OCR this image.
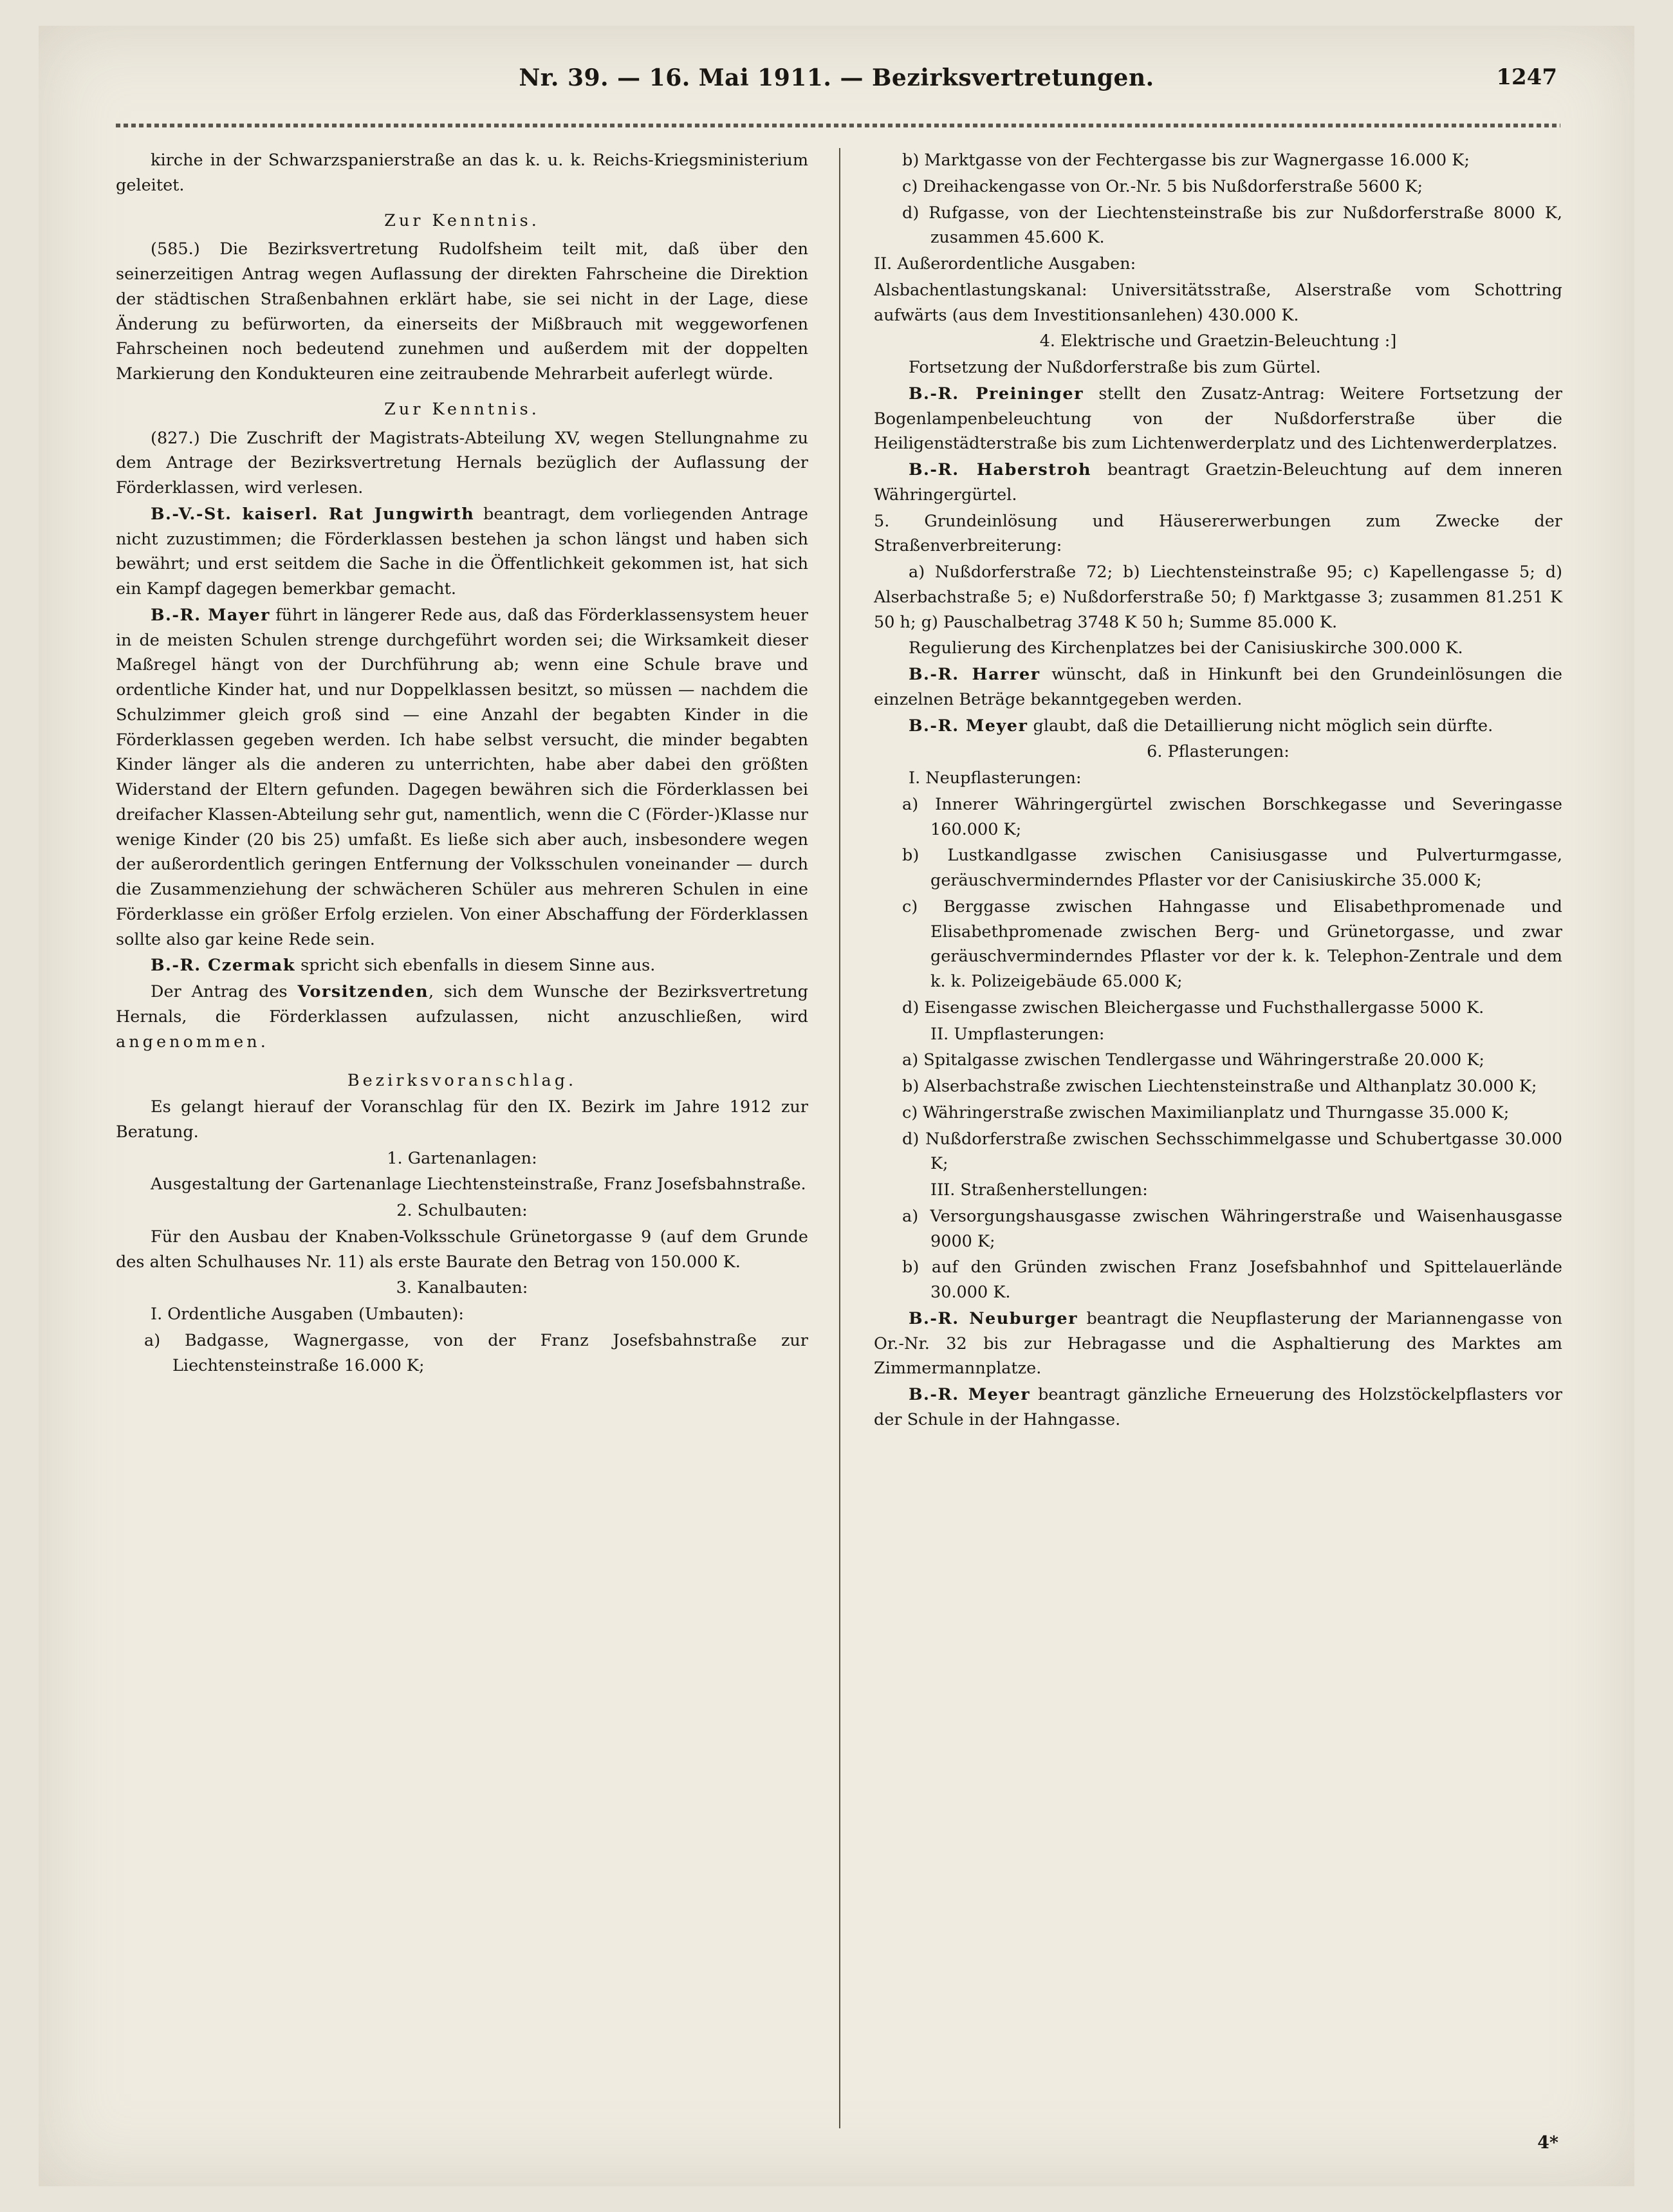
Nr. 39. — 16. Mai 1911. — Bezirksvertretungen.	1247

kirche in der Schwarzspanierstraße an das k. u. k. Reichs-Kriegsministerium geleitet.

Zur Kenntnis.

(585.) Die Bezirksvertretung Rudolfsheim teilt mit, daß über den seinerzeitigen Antrag wegen Auflassung der direkten Fahrscheine die Direktion der städtischen Straßenbahnen erklärt habe, sie sei nicht in der Lage, diese Änderung zu befürworten, da einerseits der Mißbrauch mit weggeworfenen Fahrscheinen noch bedeutend zunehmen und außerdem mit der doppelten Markierung den Kondukteuren eine zeitraubende Mehrarbeit auferlegt würde.

Zur Kenntnis.

(827.) Die Zuschrift der Magistrats-Abteilung XV, wegen Stellungnahme zu dem Antrage der Bezirksvertretung Hernals bezüglich der Auflassung der Förderklassen, wird verlesen.

B.-V.-St. kaiserl. Rat Jungwirth beantragt, dem vorliegenden Antrage nicht zuzustimmen; die Förderklassen bestehen ja schon längst und haben sich bewährt; und erst seitdem die Sache in die Öffentlichkeit gekommen ist, hat sich ein Kampf dagegen bemerkbar gemacht.

B.-R. Mayer führt in längerer Rede aus, daß das Förderklassensystem heuer in de meisten Schulen strenge durchgeführt worden sei; die Wirksamkeit dieser Maßregel hängt von der Durchführung ab; wenn eine Schule brave und ordentliche Kinder hat, und nur Doppelklassen besitzt, so müssen — nachdem die Schulzimmer gleich groß sind — eine Anzahl der begabten Kinder in die Förderklassen gegeben werden. Ich habe selbst versucht, die minder begabten Kinder länger als die anderen zu unterrichten, habe aber dabei den größten Widerstand der Eltern gefunden. Dagegen bewähren sich die Förderklassen bei dreifacher Klassen-Abteilung sehr gut, namentlich, wenn die C (Förder-)Klasse nur wenige Kinder (20 bis 25) umfaßt. Es ließe sich aber auch, insbesondere wegen der außerordentlich geringen Entfernung der Volksschulen voneinander — durch die Zusammenziehung der schwächeren Schüler aus mehreren Schulen in eine Förderklasse ein größer Erfolg erzielen. Von einer Abschaffung der Förderklassen sollte also gar keine Rede sein.

B.-R. Czermak spricht sich ebenfalls in diesem Sinne aus.

Der Antrag des Vorsitzenden, sich dem Wunsche der Bezirksvertretung Hernals, die Förderklassen aufzulassen, nicht anzuschließen, wird angenommen.

Bezirksvoranschlag.

Es gelangt hierauf der Voranschlag für den IX. Bezirk im Jahre 1912 zur Beratung.

1. Gartenanlagen:

Ausgestaltung der Gartenanlage Liechtensteinstraße, Franz Josefsbahnstraße.

2. Schulbauten:

Für den Ausbau der Knaben-Volksschule Grünetorgasse 9 (auf dem Grunde des alten Schulhauses Nr. 11) als erste Baurate den Betrag von 150.000 K.

3. Kanalbauten:

I. Ordentliche Ausgaben (Umbauten):

a) Badgasse, Wagnergasse, von der Franz Josefsbahnstraße zur Liechtensteinstraße 16.000 K;

b) Marktgasse von der Fechtergasse bis zur Wagnergasse 16.000 K;

c) Dreihackengasse von Or.-Nr. 5 bis Nußdorferstraße 5600 K;

d) Rufgasse, von der Liechtensteinstraße bis zur Nußdorferstraße 8000 K, zusammen 45.600 K.

II. Außerordentliche Ausgaben:

Alsbachentlastungskanal: Universitätsstraße, Alserstraße vom Schottring aufwärts (aus dem Investitionsanlehen) 430.000 K.

4. Elektrische und Graetzin-Beleuchtung :]

Fortsetzung der Nußdorferstraße bis zum Gürtel.

B.-R. Preininger stellt den Zusatz-Antrag: Weitere Fortsetzung der Bogenlampenbeleuchtung von der Nußdorferstraße über die Heiligenstädterstraße bis zum Lichtenwerderplatz und des Lichtenwerderplatzes.

B.-R. Haberstroh beantragt Graetzin-Beleuchtung auf dem inneren Währingergürtel.

5. Grundeinlösung und Häusererwerbungen zum Zwecke der Straßenverbreiterung:

a) Nußdorferstraße 72; b) Liechtensteinstraße 95; c) Kapellengasse 5; d) Alserbachstraße 5; e) Nußdorferstraße 50; f) Marktgasse 3; zusammen 81.251 K 50 h; g) Pauschalbetrag 3748 K 50 h; Summe 85.000 K.

Regulierung des Kirchenplatzes bei der Canisiuskirche 300.000 K.

B.-R. Harrer wünscht, daß in Hinkunft bei den Grundeinlösungen die einzelnen Beträge bekanntgegeben werden.

B.-R. Meyer glaubt, daß die Detaillierung nicht möglich sein dürfte.

6. Pflasterungen:

I. Neupflasterungen:

a) Innerer Währingergürtel zwischen Borschkegasse und Severingasse 160.000 K;

b) Lustkandlgasse zwischen Canisiusgasse und Pulverturmgasse, geräuschverminderndes Pflaster vor der Canisiuskirche 35.000 K;

c) Berggasse zwischen Hahngasse und Elisabethpromenade und Elisabethpromenade zwischen Berg- und Grünetorgasse, und zwar geräuschverminderndes Pflaster vor der k. k. Telephon-Zentrale und dem k. k. Polizeigebäude 65.000 K;

d) Eisengasse zwischen Bleichergasse und Fuchsthallergasse 5000 K.

II. Umpflasterungen:

a) Spitalgasse zwischen Tendlergasse und Währingerstraße 20.000 K;

b) Alserbachstraße zwischen Liechtensteinstraße und Althanplatz 30.000 K;

c) Währingerstraße zwischen Maximilianplatz und Thurngasse 35.000 K;

d) Nußdorferstraße zwischen Sechsschimmelgasse und Schubertgasse 30.000 K;

III. Straßenherstellungen:

a) Versorgungshausgasse zwischen Währingerstraße und Waisenhausgasse 9000 K;

b) auf den Gründen zwischen Franz Josefsbahnhof und Spittelauerlände 30.000 K.

B.-R. Neuburger beantragt die Neupflasterung der Mariannengasse von Or.-Nr. 32 bis zur Hebragasse und die Asphaltierung des Marktes am Zimmermannplatze.

B.-R. Meyer beantragt gänzliche Erneuerung des Holzstöckelpflasters vor der Schule in der Hahngasse.

4*
